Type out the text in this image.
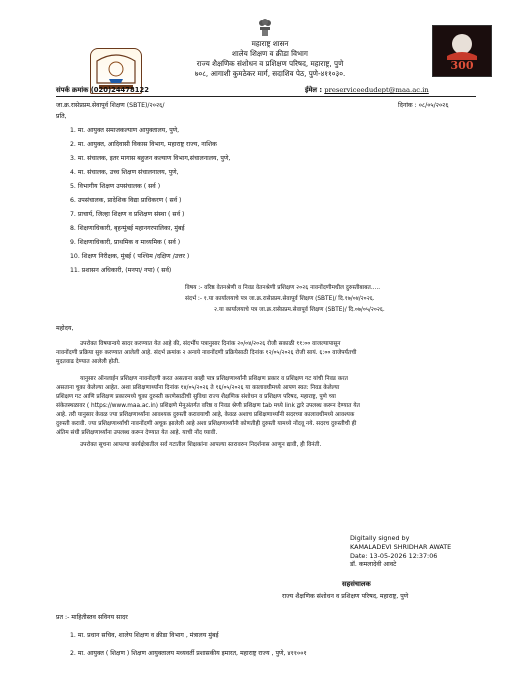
300
महाराष्ट्र शासन
शालेय शिक्षण व क्रीडा विभाग
राज्य शैक्षणिक संशोधन व प्रशिक्षण परिषद, महाराष्ट्र, पुणे
७०८, आगाशी कुमठेकर मार्ग, सदाशिव पेठ, पुणे-४११०३०.
संपर्क क्रमांक (020)24478122	ईमेल : preserviceedudept@maa.ac.in
जा.क्र.रासेप्रप्रम.सेवापूर्व शिक्षण (SBTE)/२०२६/	दिनांक : ०८/०५/२०२६
प्रति,
1. मा. आयुक्त समाजकल्याण आयुक्तालय, पुणे,
2. मा. आयुक्त, आदिवासी विकास विभाग, महाराष्ट्र राज्य, नाशिक
3. मा. संचालक, इतर मागास बहुजन कल्याण विभाग,संचालनालय, पुणे,
4. मा. संचालक, उच्च शिक्षण संचालनालय, पुणे,
5. विभागीय शिक्षण उपसंचालक ( सर्व )
6. उपसंचालक, प्रादेशिक विद्या प्राधिकरण ( सर्व )
7. प्राचार्य, जिल्हा शिक्षण व प्रशिक्षण संस्था ( सर्व )
8. शिक्षणाधिकारी, बृहन्मुंबई महानगरपालिका, मुंबई
9. शिक्षणाधिकारी, प्राथमिक व माध्यमिक ( सर्व )
10. शिक्षण निरीक्षक, मुंबई ( पश्चिम /दक्षिण /उत्तर )
11. प्रशासन अधिकारी, (मनपा/ नपा) ( सर्व)
विषय :- वरिष्ठ वेतनश्रेणी व निवड वेतनश्रेणी प्रशिक्षण २०२६ नावनोंदणीमधील दुरुस्तीबाबत.....
संदर्भ :- १.या कार्यालयाचे पत्र जा.क्र.रासेप्रप्रम.सेवापूर्व शिक्षण (SBTE)/ दि.१७/०४/२०२६.
२.या कार्यालयाचे पत्र जा.क्र.रासेप्रप्रम.सेवापूर्व शिक्षण (SBTE)/ दि.०७/०५/२०२६.
महोदय,
उपरोक्त विषयान्वये सादर करण्यात येत आहे की, संदर्भीय पत्रानुसार दिनांक २०/०४/२०२६ रोजी सकाळी ११:०० वाजल्यापासून
नावनोंदणी प्रक्रिया सुरु करण्यात आलेली आहे. संदर्भ क्रमांक २ अन्वये नावनोंदणी प्रक्रियेसाठी दिनांक १२/०५/२०२६ रोजी सायं. ६:०० वाजेपर्यंतची
मुदतवाढ देण्यात आलेली होती.
यानुसार ऑनलाईन प्रशिक्षण नावनोंदणी करत असताना काही पात्र प्रशिक्षणार्थ्यांनी प्रशिक्षण प्रकार व प्रशिक्षण गट यांची निवड करत
असताना चुका केलेल्या आहेत. अशा प्रशिक्षणार्थ्यांना दिनांक १४/०५/२०२६ ते १६/०५/२०२६ या कालावधीमध्ये आपण स्वत: निवड केलेल्या
प्रशिक्षण गट आणि प्रशिक्षण प्रकारमध्ये चुका दुरुस्ती करणेसाठीची सुविधा राज्य शैक्षणिक संशोधन व प्रशिक्षण परिषद, महाराष्ट्र, पुणे च्या
संकेतस्थळावर ( https://www.maa.ac.in) प्रशिक्षणे मेनूअंतर्गत वरिष्ठ व निवड श्रेणी प्रशिक्षण tab मध्ये link द्वारे उपलब्ध करून देण्यात येत
आहे. तरी यानुसार केवळ ज्या प्रशिक्षणार्थ्यांना आवश्यक दुरुस्ती करावयाची आहे, केवळ अशाच प्रशिक्षणार्थ्यांनी सदरच्या कालावधीमध्ये आवश्यक
दुरुस्ती करावी. ज्या प्रशिक्षणार्थ्यांची नावनोंदणी अचूक झालेली आहे अशा प्रशिक्षणार्थ्यांनी कोणतीही दुरुस्ती यामध्ये नोंदवू नये. सदरच दुरुस्तीची ही
अंतिम संधी प्रशिक्षणार्थ्यांना उपलब्ध करून देण्यात येत आहे. याची नोंद घ्यावी.
उपरोक्त सूचना आपल्या कार्यक्षेत्रातील सर्व गटातील शिक्षकांना आपल्या स्तरावरुन निदर्शनास आणून द्यावी, ही विनंती.
Digitally signed by
KAMALADEVI SHRIDHAR AWATE
Date: 13-05-2026 12:37:06
डॉ. कमलादेवी आवटे
सहसंचालक
राज्य शैक्षणिक संशोधन व प्रशिक्षण परिषद, महाराष्ट्र, पुणे
प्रत :- माहितीस्तव सविनय सादर
1. मा. प्रधान सचिव, शालेय शिक्षण व क्रीडा विभाग , मंत्रालय मुंबई
2. मा. आयुक्त ( शिक्षण ) शिक्षण आयुक्तालय मध्यवर्ती प्रशासकीय इमारत, महाराष्ट्र राज्य , पुणे, ४११००१
